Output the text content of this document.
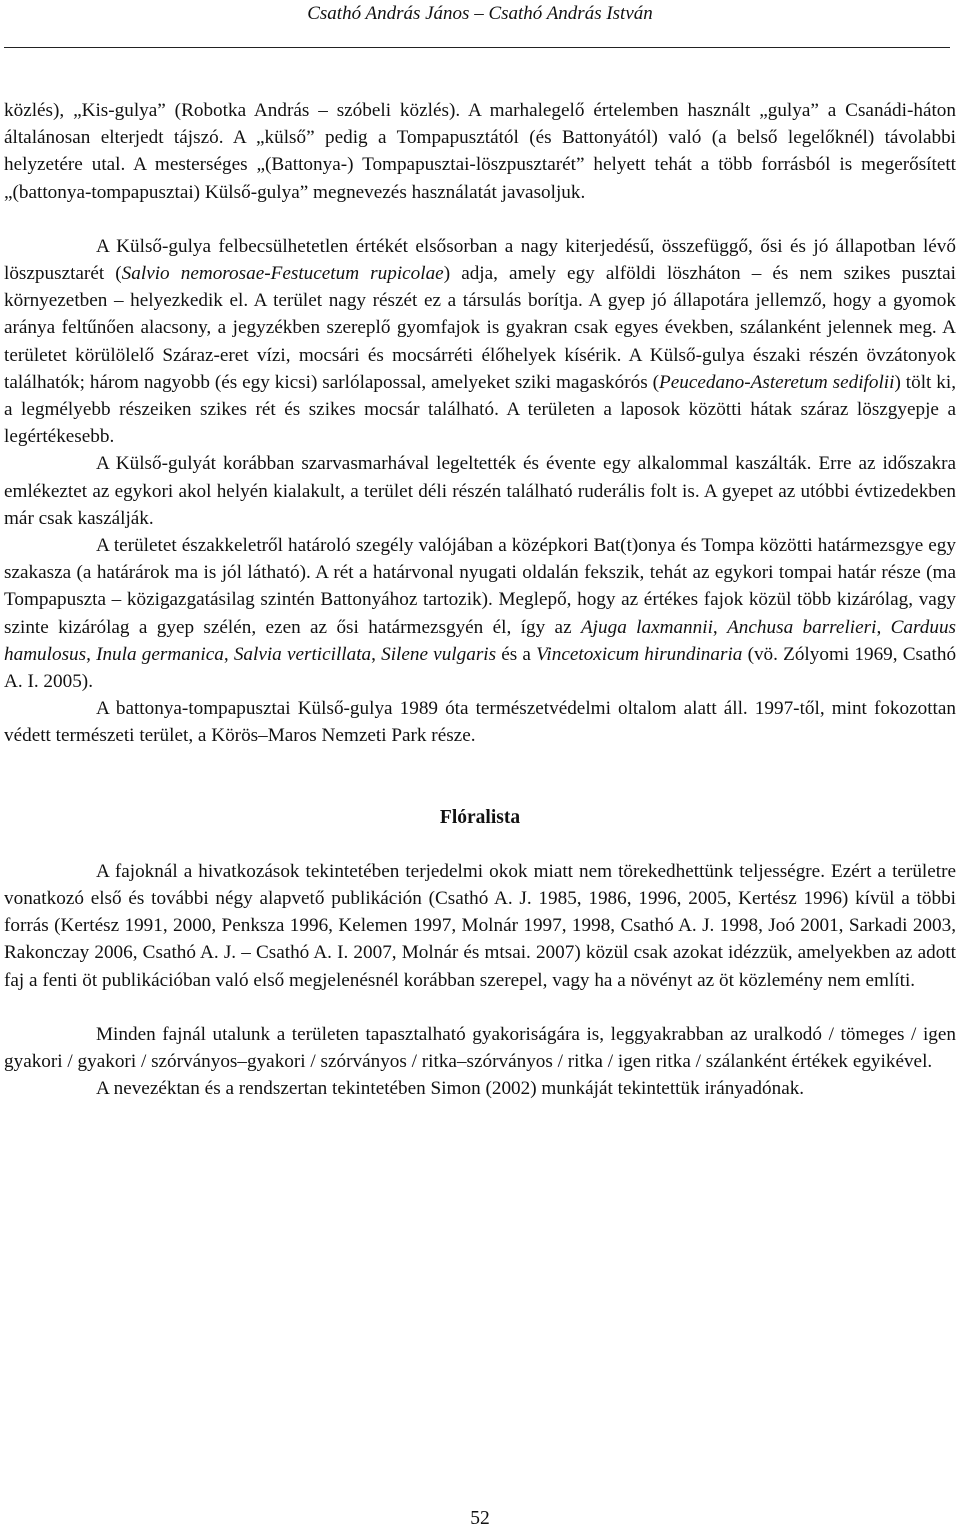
Csathó András János – Csathó András István

közlés), „Kis-gulya” (Robotka András – szóbeli közlés). A marhalegelő értelemben használt „gulya” a Csanádi-háton általánosan elterjedt tájszó. A „külső” pedig a Tompapusztától (és Battonyától) való (a belső legelőknél) távolabbi helyzetére utal. A mesterséges „(Battonya-) Tompapusztai-löszpusztarét” helyett tehát a több forrásból is megerősített „(battonya-tompapusztai) Külső-gulya” megnevezés használatát javasoljuk.

A Külső-gulya felbecsülhetetlen értékét elsősorban a nagy kiterjedésű, összefüggő, ősi és jó állapotban lévő löszpusztarét (Salvio nemorosae-Festucetum rupicolae) adja, amely egy alföldi löszháton – és nem szikes pusztai környezetben – helyezkedik el. A terület nagy részét ez a társulás borítja. A gyep jó állapotára jellemző, hogy a gyomok aránya feltűnően alacsony, a jegyzékben szereplő gyomfajok is gyakran csak egyes években, szálanként jelennek meg. A területet körülölelő Száraz-eret vízi, mocsári és mocsárréti élőhelyek kísérik. A Külső-gulya északi részén övzátonyok találhatók; három nagyobb (és egy kicsi) sarlólapossal, amelyeket sziki magaskórós (Peucedano-Asteretum sedifolii) tölt ki, a legmélyebb részeiken szikes rét és szikes mocsár található. A területen a laposok közötti hátak száraz löszgyepje a legértékesebb.

A Külső-gulyát korábban szarvasmarhával legeltették és évente egy alkalommal kaszálták. Erre az időszakra emlékeztet az egykori akol helyén kialakult, a terület déli részén található ruderális folt is. A gyepet az utóbbi évtizedekben már csak kaszálják.

A területet északkeletről határoló szegély valójában a középkori Bat(t)onya és Tompa közötti határmezsgye egy szakasza (a határárok ma is jól látható). A rét a határvonal nyugati oldalán fekszik, tehát az egykori tompai határ része (ma Tompapuszta – közigazgatásilag szintén Battonyához tartozik). Meglepő, hogy az értékes fajok közül több kizárólag, vagy szinte kizárólag a gyep szélén, ezen az ősi határmezsgyén él, így az Ajuga laxmannii, Anchusa barrelieri, Carduus hamulosus, Inula germanica, Salvia verticillata, Silene vulgaris és a Vincetoxicum hirundinaria (vö. Zólyomi 1969, Csathó A. I. 2005).

A battonya-tompapusztai Külső-gulya 1989 óta természetvédelmi oltalom alatt áll. 1997-től, mint fokozottan védett természeti terület, a Körös–Maros Nemzeti Park része.

Flóralista

A fajoknál a hivatkozások tekintetében terjedelmi okok miatt nem törekedhettünk teljességre. Ezért a területre vonatkozó első és további négy alapvető publikáción (Csathó A. J. 1985, 1986, 1996, 2005, Kertész 1996) kívül a többi forrás (Kertész 1991, 2000, Penksza 1996, Kelemen 1997, Molnár 1997, 1998, Csathó A. J. 1998, Joó 2001, Sarkadi 2003, Rakonczay 2006, Csathó A. J. – Csathó A. I. 2007, Molnár és mtsai. 2007) közül csak azokat idézzük, amelyekben az adott faj a fenti öt publikációban való első megjelenésnél korábban szerepel, vagy ha a növényt az öt közlemény nem említi.

Minden fajnál utalunk a területen tapasztalható gyakoriságára is, leggyakrabban az uralkodó / tömeges / igen gyakori / gyakori / szórványos–gyakori / szórványos / ritka–szórványos / ritka / igen ritka / szálanként értékek egyikével.

A nevezéktan és a rendszertan tekintetében Simon (2002) munkáját tekintettük irányadónak.

52
